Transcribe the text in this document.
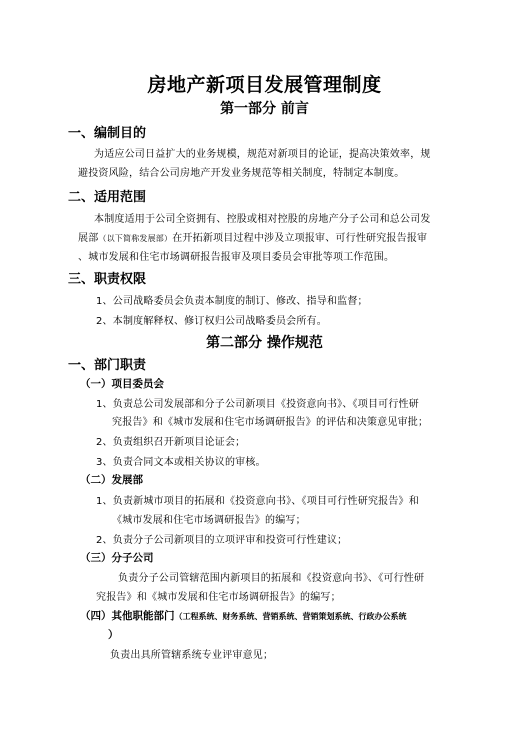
房地产新项目发展管理制度
第一部分 前言
一、编制目的
为适应公司日益扩大的业务规模，规范对新项目的论证，提高决策效率，规
避投资风险，结合公司房地产开发业务规范等相关制度，特制定本制度。
二、适用范围
本制度适用于公司全资拥有、控股或相对控股的房地产分子公司和总公司发
展部（以下简称发展部）在开拓新项目过程中涉及立项报审、可行性研究报告报审
、城市发展和住宅市场调研报告报审及项目委员会审批等项工作范围。
三、职责权限
1、公司战略委员会负责本制度的制订、修改、指导和监督；
2、本制度解释权、修订权归公司战略委员会所有。
第二部分 操作规范
一、部门职责
（一）项目委员会
1、负责总公司发展部和分子公司新项目《投资意向书》、《项目可行性研
究报告》和《城市发展和住宅市场调研报告》的评估和决策意见审批；
2、负责组织召开新项目论证会；
3、负责合同文本或相关协议的审核。
（二）发展部
1、负责新城市项目的拓展和《投资意向书》、《项目可行性研究报告》和
《城市发展和住宅市场调研报告》的编写；
2、负责分子公司新项目的立项评审和投资可行性建议；
（三）分子公司
负责分子公司管辖范围内新项目的拓展和《投资意向书》、《可行性研
究报告》和《城市发展和住宅市场调研报告》的编写；
（四）其他职能部门（工程系统、财务系统、营销系统、营销策划系统、行政办公系统
）
负责出具所管辖系统专业评审意见；
